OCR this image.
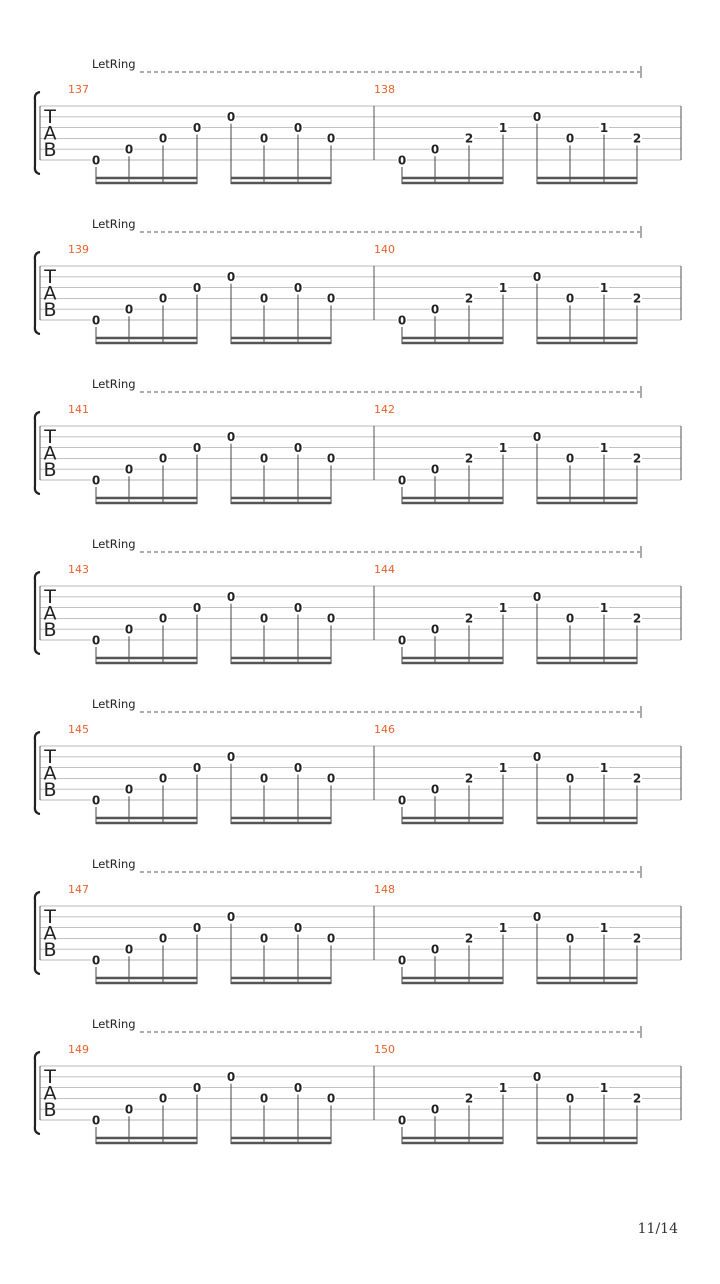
LetRing
T
A
B
137
0
0
0
0
0
0
0
0
138
0
0
2
1
0
0
1
2
LetRing
T
A
B
139
0
0
0
0
0
0
0
0
140
0
0
2
1
0
0
1
2
LetRing
T
A
B
141
0
0
0
0
0
0
0
0
142
0
0
2
1
0
0
1
2
LetRing
T
A
B
143
0
0
0
0
0
0
0
0
144
0
0
2
1
0
0
1
2
LetRing
T
A
B
145
0
0
0
0
0
0
0
0
146
0
0
2
1
0
0
1
2
LetRing
T
A
B
147
0
0
0
0
0
0
0
0
148
0
0
2
1
0
0
1
2
LetRing
T
A
B
149
0
0
0
0
0
0
0
0
150
0
0
2
1
0
0
1
2
11/14
